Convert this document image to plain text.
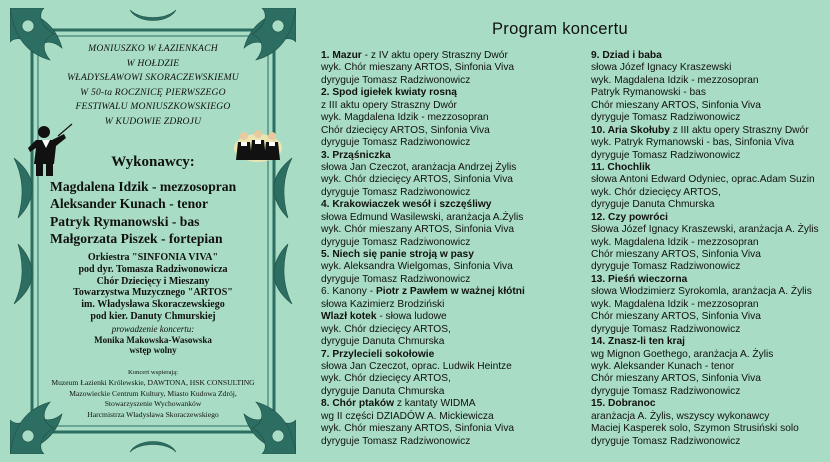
MONIUSZKO W ŁAZIENKACH
W HOŁDZIE
WŁADYSŁAWOWI SKORACZEWSKIEMU
W 50-ta ROCZNICĘ PIERWSZEGO
FESTIWALU MONIUSZKOWSKIEGO
W KUDOWIE ZDROJU
Wykonawcy:
Magdalena Idzik - mezzosopran
Aleksander Kunach - tenor
Patryk Rymanowski - bas
Małgorzata Piszek - fortepian
Orkiestra "SINFONIA VIVA"
pod dyr. Tomasza Radziwonowicza
Chór Dziecięcy i Mieszany
Towarzystwa Muzycznego "ARTOS"
im. Władysława Skoraczewskiego
pod kier. Danuty Chmurskiej
prowadzenie koncertu:
Monika Makowska-Wasowska
wstęp wolny
Koncert wspierają:
Muzeum Łazienki Królewskie, DAWTONA, HSK CONSULTING
Mazowieckie Centrum Kultury, Miasto Kudowa Zdrój,
Stowarzyszenie Wychowanków
Harcmistrza Władysława Skoraczewskiego
Program koncertu
1. Mazur - z IV aktu opery Straszny Dwór
wyk. Chór mieszany ARTOS, Sinfonia Viva
dyryguje Tomasz Radziwonowicz
2. Spod igiełek kwiaty rosną
z III aktu opery Straszny Dwór
wyk. Magdalena Idzik - mezzosopran
Chór dziecięcy ARTOS, Sinfonia Viva
dyryguje Tomasz Radziwonowicz
3. Prząśniczka
słowa Jan Czeczot, aranżacja Andrzej Żylis
wyk. Chór dziecięcy ARTOS, Sinfonia Viva
dyryguje Tomasz Radziwonowicz
4. Krakowiaczek wesół i szczęśliwy
słowa Edmund Wasilewski, aranżacja A.Żylis
wyk. Chór mieszany ARTOS, Sinfonia Viva
dyryguje Tomasz Radziwonowicz
5. Niech się panie stroją w pasy
wyk. Aleksandra Wielgomas, Sinfonia Viva
dyryguje Tomasz Radziwonowicz
6. Kanony - Piotr z Pawłem w ważnej kłótni
słowa Kazimierz Brodziński
Wlazł kotek - słowa ludowe
wyk. Chór dziecięcy ARTOS,
dyryguje Danuta Chmurska
7. Przylecieli sokołowie
słowa Jan Czeczot, oprac. Ludwik Heintze
wyk. Chór dziecięcy ARTOS,
dyryguje Danuta Chmurska
8. Chór ptaków z kantaty WIDMA
wg II części DZIADÓW A. Mickiewicza
wyk. Chór mieszany ARTOS, Sinfonia Viva
dyryguje Tomasz Radziwonowicz
9. Dziad i baba
słowa Józef Ignacy Kraszewski
wyk. Magdalena Idzik - mezzosopran
Patryk Rymanowski - bas
Chór mieszany ARTOS, Sinfonia Viva
dyryguje Tomasz Radziwonowicz
10. Aria Skołuby z III aktu opery Straszny Dwór
wyk. Patryk Rymanowski - bas, Sinfonia Viva
dyryguje Tomasz Radziwonowicz
11. Chochlik
słowa Antoni Edward Odyniec, oprac.Adam Suzin
wyk. Chór dziecięcy ARTOS,
dyryguje Danuta Chmurska
12. Czy powróci
Słowa Józef Ignacy Kraszewski, aranżacja A. Żylis
wyk. Magdalena Idzik - mezzosopran
Chór mieszany ARTOS, Sinfonia Viva
dyryguje Tomasz Radziwonowicz
13. Pieśń wieczorna
słowa Włodzimierz Syrokomla, aranżacja A. Żylis
wyk. Magdalena Idzik - mezzosopran
Chór mieszany ARTOS, Sinfonia Viva
dyryguje Tomasz Radziwonowicz
14. Znasz-li ten kraj
wg Mignon Goethego, aranżacja A. Żylis
wyk. Aleksander Kunach - tenor
Chór mieszany ARTOS, Sinfonia Viva
dyryguje Tomasz Radziwonowicz
15. Dobranoc
aranżacja A. Żylis, wszyscy wykonawcy
Maciej Kasperek solo, Szymon Strusiński solo
dyryguje Tomasz Radziwonowicz
